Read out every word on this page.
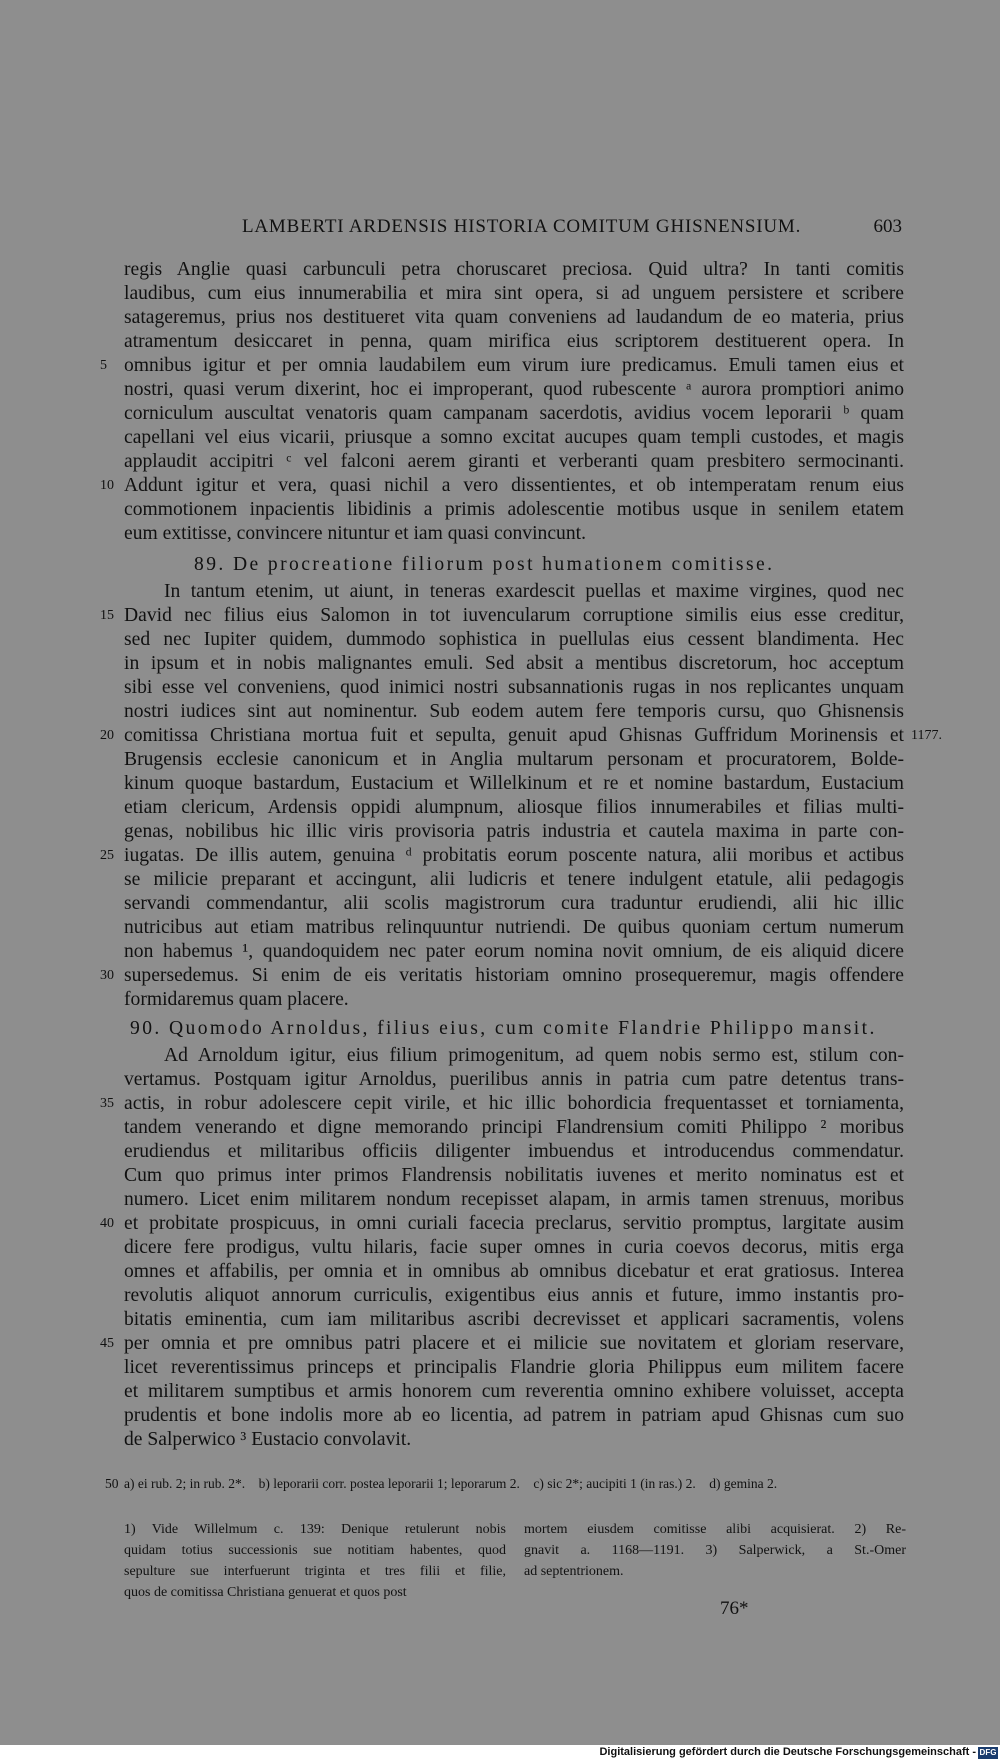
LAMBERTI ARDENSIS HISTORIA COMITUM GHISNENSIUM.	603
regis Anglie quasi carbunculi petra choruscaret preciosa. Quid ultra? In tanti comitis
laudibus, cum eius innumerabilia et mira sint opera, si ad unguem persistere et scribere
satageremus, prius nos destitueret vita quam conveniens ad laudandum de eo materia, prius
atramentum desiccaret in penna, quam mirifica eius scriptorem destituerent opera. In
5 omnibus igitur et per omnia laudabilem eum virum iure predicamus. Emuli tamen eius et
nostri, quasi verum dixerint, hoc ei improperant, quod rubescente ᵃ aurora promptiori animo
corniculum auscultat venatoris quam campanam sacerdotis, avidius vocem leporarii ᵇ quam
capellani vel eius vicarii, priusque a somno excitat aucupes quam templi custodes, et magis
applaudit accipitri ᶜ vel falconi aerem giranti et verberanti quam presbitero sermocinanti.
10 Addunt igitur et vera, quasi nichil a vero dissentientes, et ob intemperatam renum eius
commotionem inpacientis libidinis a primis adolescentie motibus usque in senilem etatem
eum extitisse, convincere nituntur et iam quasi convincunt.
89. De procreatione filiorum post humationem comitisse.
In tantum etenim, ut aiunt, in teneras exardescit puellas et maxime virgines, quod nec
15 David nec filius eius Salomon in tot iuvencularum corruptione similis eius esse creditur,
sed nec Iupiter quidem, dummodo sophistica in puellulas eius cessent blandimenta. Hec
in ipsum et in nobis malignantes emuli. Sed absit a mentibus discretorum, hoc acceptum
sibi esse vel conveniens, quod inimici nostri subsannationis rugas in nos replicantes unquam
nostri iudices sint aut nominentur. Sub eodem autem fere temporis cursu, quo Ghisnensis
20 comitissa Christiana mortua fuit et sepulta, genuit apud Ghisnas Guffridum Morinensis et 1177.
Brugensis ecclesie canonicum et in Anglia multarum personam et procuratorem, Bolde-
kinum quoque bastardum, Eustacium et Willelkinum et re et nomine bastardum, Eustacium
etiam clericum, Ardensis oppidi alumpnum, aliosque filios innumerabiles et filias multi-
genas, nobilibus hic illic viris provisoria patris industria et cautela maxima in parte con-
25 iugatas. De illis autem, genuina ᵈ probitatis eorum poscente natura, alii moribus et actibus
se milicie preparant et accingunt, alii ludicris et tenere indulgent etatule, alii pedagogis
servandi commendantur, alii scolis magistrorum cura traduntur erudiendi, alii hic illic
nutricibus aut etiam matribus relinquuntur nutriendi. De quibus quoniam certum numerum
non habemus ¹, quandoquidem nec pater eorum nomina novit omnium, de eis aliquid dicere
30 supersedemus. Si enim de eis veritatis historiam omnino prosequeremur, magis offendere
formidaremus quam placere.
90. Quomodo Arnoldus, filius eius, cum comite Flandrie Philippo mansit.
Ad Arnoldum igitur, eius filium primogenitum, ad quem nobis sermo est, stilum con-
vertamus. Postquam igitur Arnoldus, puerilibus annis in patria cum patre detentus trans-
35 actis, in robur adolescere cepit virile, et hic illic bohordicia frequentasset et torniamenta,
tandem venerando et digne memorando principi Flandrensium comiti Philippo ² moribus
erudiendus et militaribus officiis diligenter imbuendus et introducendus commendatur.
Cum quo primus inter primos Flandrensis nobilitatis iuvenes et merito nominatus est et
numero. Licet enim militarem nondum recepisset alapam, in armis tamen strenuus, moribus
40 et probitate prospicuus, in omni curiali facecia preclarus, servitio promptus, largitate ausim
dicere fere prodigus, vultu hilaris, facie super omnes in curia coevos decorus, mitis erga
omnes et affabilis, per omnia et in omnibus ab omnibus dicebatur et erat gratiosus. Interea
revolutis aliquot annorum curriculis, exigentibus eius annis et future, immo instantis pro-
bitatis eminentia, cum iam militaribus ascribi decrevisset et applicari sacramentis, volens
45 per omnia et pre omnibus patri placere et ei milicie sue novitatem et gloriam reservare,
licet reverentissimus princeps et principalis Flandrie gloria Philippus eum militem facere
et militarem sumptibus et armis honorem cum reverentia omnino exhibere voluisset, accepta
prudentis et bone indolis more ab eo licentia, ad patrem in patriam apud Ghisnas cum suo
de Salperwico ³ Eustacio convolavit.
50 a) ei rub. 2; in rub. 2*.    b) leporarii corr. postea leporarii 1; leporarum 2.    c) sic 2*; aucipiti 1 (in ras.) 2.    d) gemina 2.
1) Vide Willelmum c. 139: Denique retulerunt nobis
quidam totius successionis sue notitiam habentes, quod
sepulture sue interfuerunt triginta et tres filii et filie,
quos de comitissa Christiana genuerat et quos post
mortem eiusdem comitisse alibi acquisierat. 2) Re-
gnavit a. 1168—1191. 3) Salperwick, a St.-Omer
ad septentrionem.
76*
Digitalisierung gefördert durch die Deutsche Forschungsgemeinschaft - DFG
